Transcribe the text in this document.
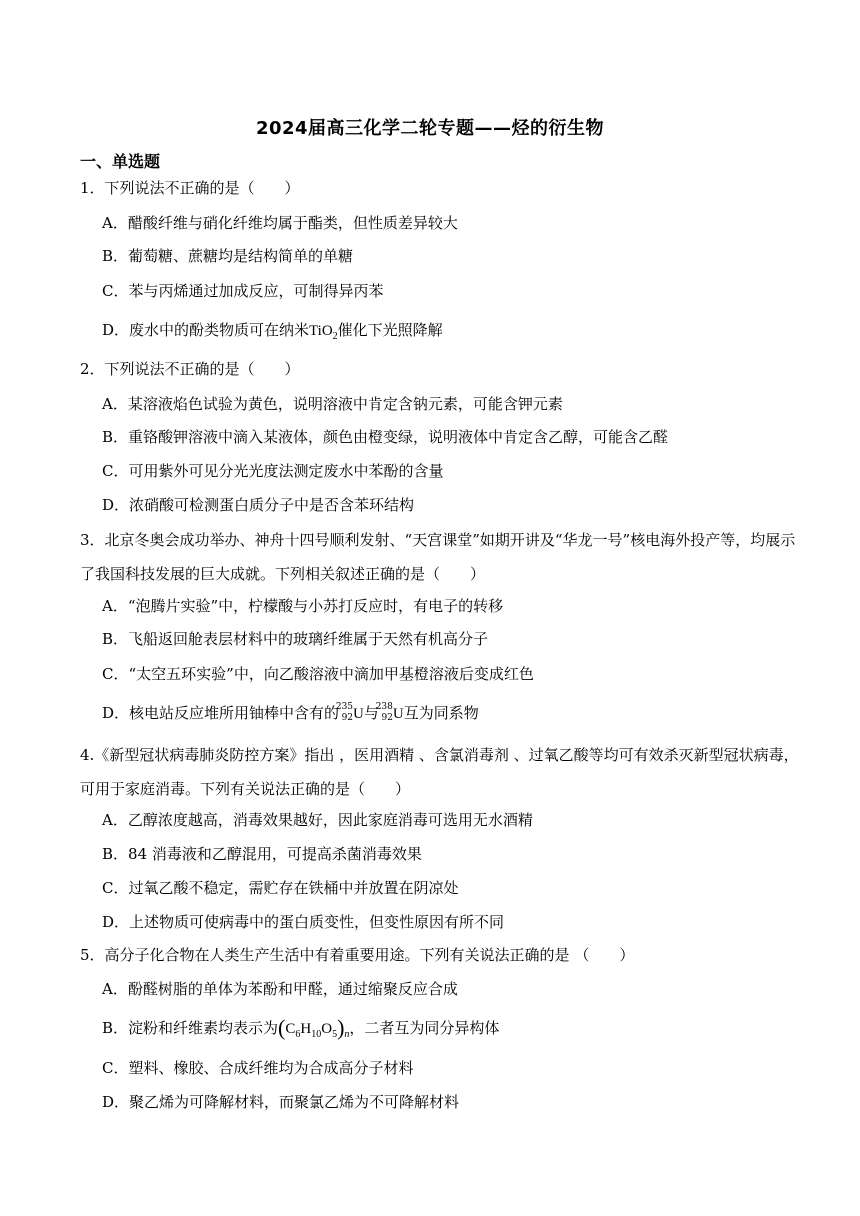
2024届高三化学二轮专题——烃的衍生物
一、单选题
1．下列说法不正确的是（　　）
A．醋酸纤维与硝化纤维均属于酯类，但性质差异较大
B．葡萄糖、蔗糖均是结构简单的单糖
C．苯与丙烯通过加成反应，可制得异丙苯
D．废水中的酚类物质可在纳米TiO$_2$催化下光照降解
2．下列说法不正确的是（　　）
A．某溶液焰色试验为黄色，说明溶液中肯定含钠元素，可能含钾元素
B．重铬酸钾溶液中滴入某液体，颜色由橙变绿，说明液体中肯定含乙醇，可能含乙醛
C．可用紫外可见分光光度法测定废水中苯酚的含量
D．浓硝酸可检测蛋白质分子中是否含苯环结构
3．北京冬奥会成功举办、神舟十四号顺利发射、“天宫课堂”如期开讲及“华龙一号”核电海外投产等，均展示了我国科技发展的巨大成就。下列相关叙述正确的是（　　）
A．“泡腾片实验”中，柠檬酸与小苏打反应时，有电子的转移
B．飞船返回舱表层材料中的玻璃纤维属于天然有机高分子
C．“太空五环实验”中，向乙酸溶液中滴加甲基橙溶液后变成红色
D．核电站反应堆所用铀棒中含有的
235
92 U与
238
92 U互为同系物
4.《新型冠状病毒肺炎防控方案》指出 ，医用酒精 、含氯消毒剂 、过氧乙酸等均可有效杀灭新型冠状病毒，可用于家庭消毒。下列有关说法正确的是（　　）
A．乙醇浓度越高，消毒效果越好，因此家庭消毒可选用无水酒精
B．84 消毒液和乙醇混用，可提高杀菌消毒效果
C．过氧乙酸不稳定，需贮存在铁桶中并放置在阴凉处
D．上述物质可使病毒中的蛋白质变性，但变性原因有所不同
5．高分子化合物在人类生产生活中有着重要用途。下列有关说法正确的是 （　　）
A．酚醛树脂的单体为苯酚和甲醛，通过缩聚反应合成
B．淀粉和纤维素均表示为$(C_6H_{10}O_5)_n$，二者互为同分异构体
C．塑料、橡胶、合成纤维均为合成高分子材料
D．聚乙烯为可降解材料，而聚氯乙烯为不可降解材料
